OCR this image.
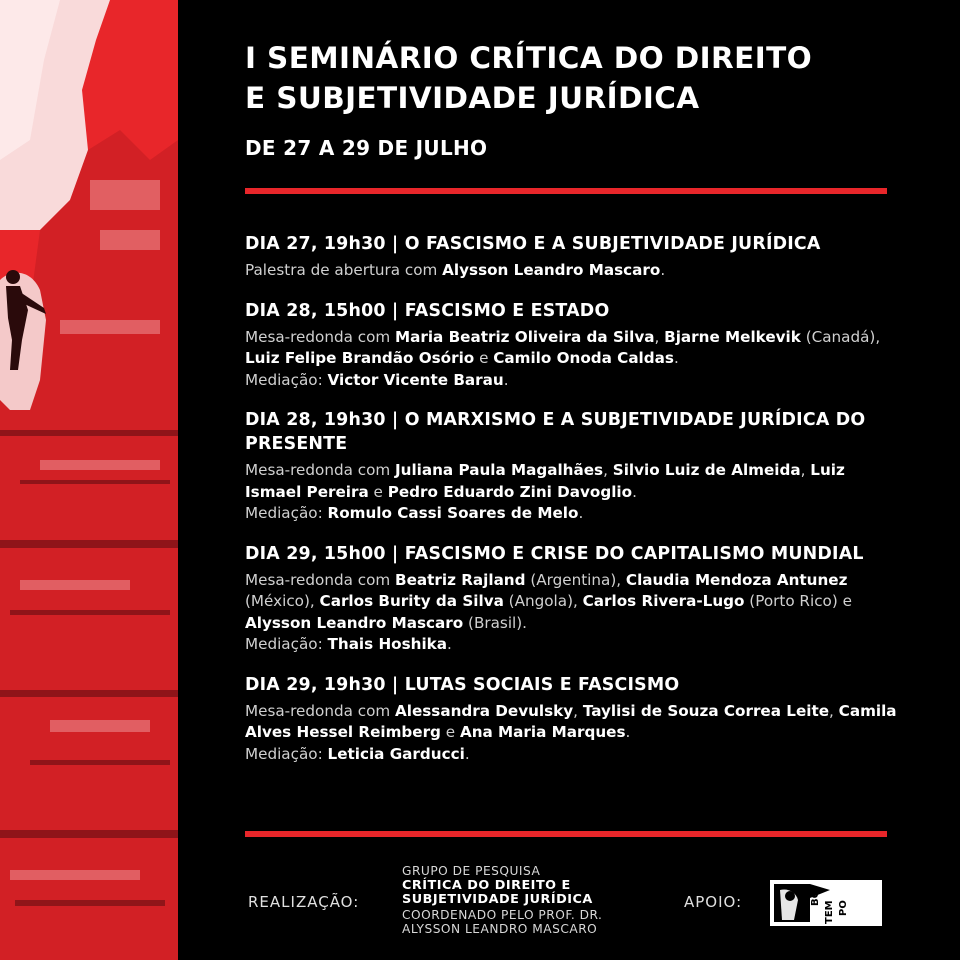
I SEMINÁRIO CRÍTICA DO DIREITO
E SUBJETIVIDADE JURÍDICA
DE 27 A 29 DE JULHO
DIA 27, 19h30 | O FASCISMO E A SUBJETIVIDADE JURÍDICA
Palestra de abertura com Alysson Leandro Mascaro.
DIA 28, 15h00 | FASCISMO E ESTADO
Mesa-redonda com Maria Beatriz Oliveira da Silva, Bjarne Melkevik (Canadá), Luiz Felipe Brandão Osório e Camilo Onoda Caldas.
Mediação: Victor Vicente Barau.
DIA 28, 19h30 | O MARXISMO E A SUBJETIVIDADE JURÍDICA DO PRESENTE
Mesa-redonda com Juliana Paula Magalhães, Silvio Luiz de Almeida, Luiz Ismael Pereira e Pedro Eduardo Zini Davoglio.
Mediação: Romulo Cassi Soares de Melo.
DIA 29, 15h00 | FASCISMO E CRISE DO CAPITALISMO MUNDIAL
Mesa-redonda com Beatriz Rajland (Argentina), Claudia Mendoza Antunez (México), Carlos Burity da Silva (Angola), Carlos Rivera-Lugo (Porto Rico) e Alysson Leandro Mascaro (Brasil).
Mediação: Thais Hoshika.
DIA 29, 19h30 | LUTAS SOCIAIS E FASCISMO
Mesa-redonda com Alessandra Devulsky, Taylisi de Souza Correa Leite, Camila Alves Hessel Reimberg e Ana Maria Marques.
Mediação: Leticia Garducci.
REALIZAÇÃO:
GRUPO DE PESQUISA
CRÍTICA DO DIREITO E
SUBJETIVIDADE JURÍDICA
COORDENADO PELO PROF. DR.
ALYSSON LEANDRO MASCARO
APOIO:	BOI
TEM PO
